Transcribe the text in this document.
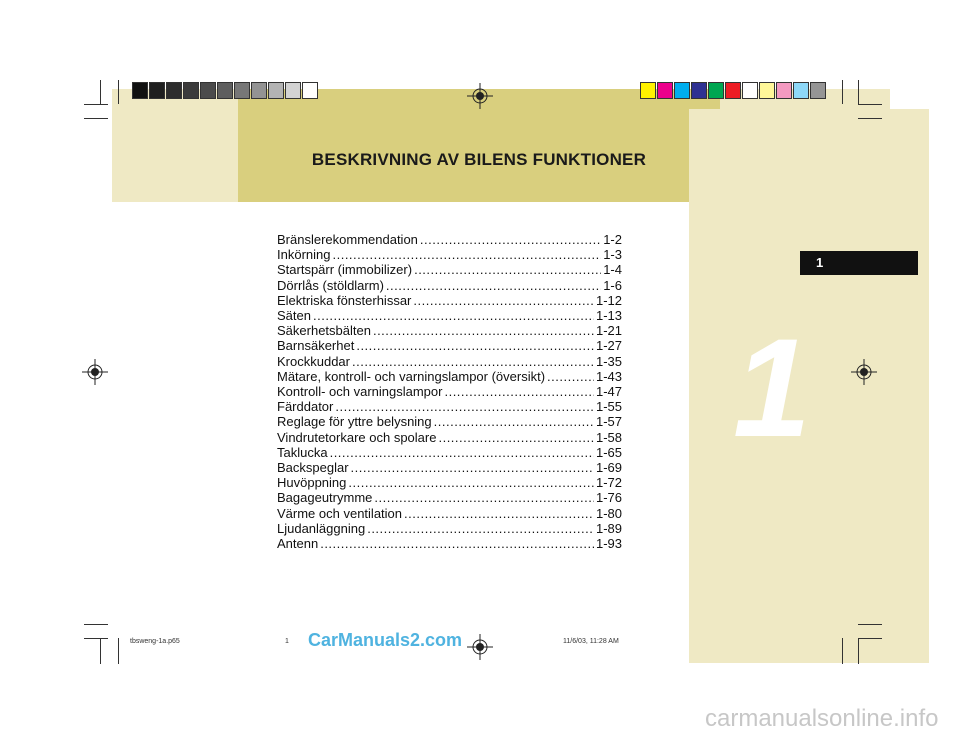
BESKRIVNING AV BILENS FUNKTIONER
Bränslerekommendation .....	1-2
Inkörning .....	1-3
Startspärr (immobilizer) .....	1-4
Dörrlås (stöldlarm) .....	1-6
Elektriska fönsterhissar .....	1-12
Säten .....	1-13
Säkerhetsbälten .....	1-21
Barnsäkerhet .....	1-27
Krockkuddar .....	1-35
Mätare, kontroll- och varningslampor (översikt) .....	1-43
Kontroll- och varningslampor .....	1-47
Färddator .....	1-55
Reglage för yttre belysning .....	1-57
Vindrutetorkare och spolare .....	1-58
Taklucka .....	1-65
Backspeglar .....	1-69
Huvöppning .....	1-72
Bagageutrymme .....	1-76
Värme och ventilation .....	1-80
Ljudanläggning .....	1-89
Antenn .....	1-93
1
1
tbsweng-1a.p65	1	11/6/03, 11:28 AM
CarManuals2.com
carmanualsonline.info
